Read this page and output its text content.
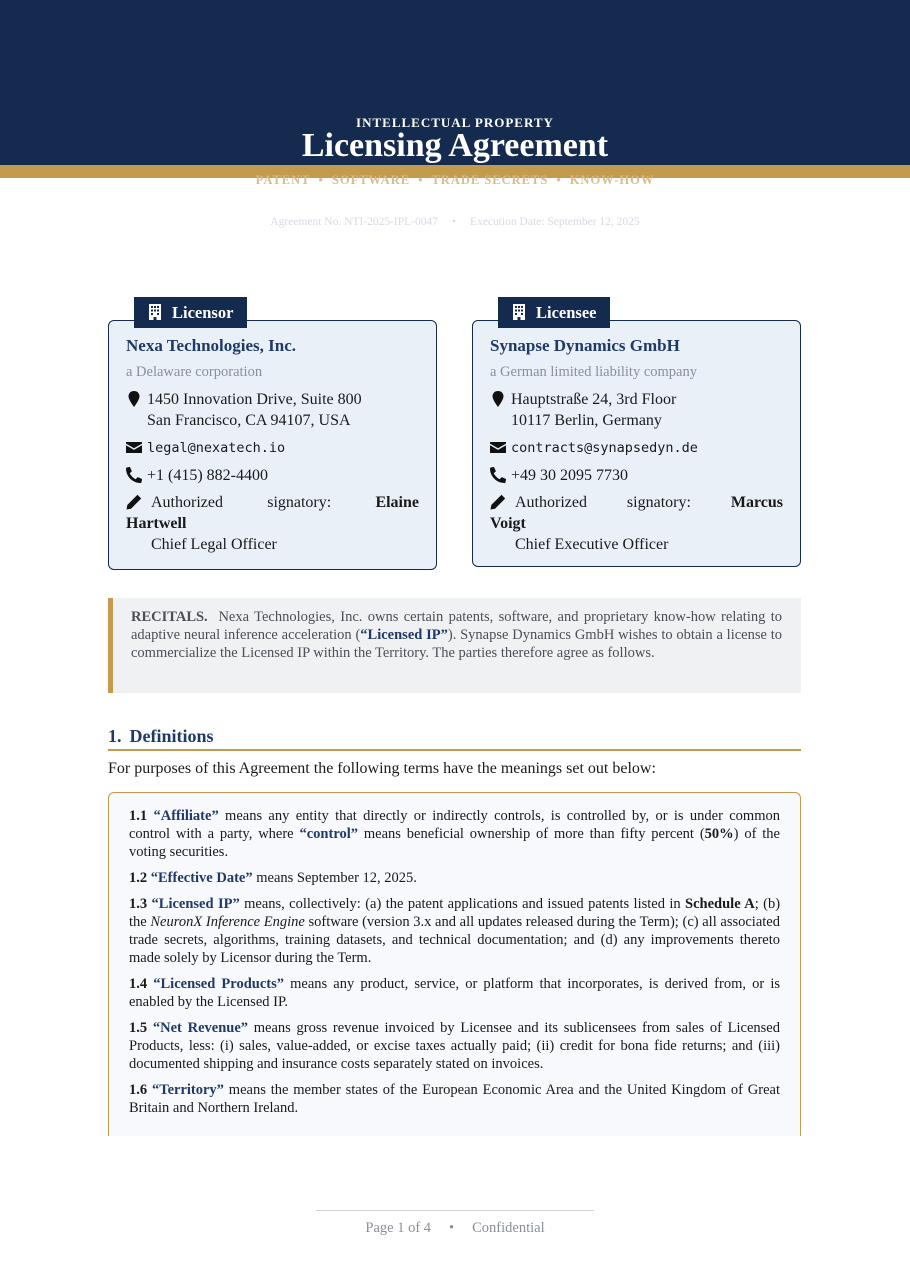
INTELLECTUAL PROPERTY
Licensing Agreement
PATENT • SOFTWARE • TRADE SECRETS • KNOW-HOW
Agreement No. NTI-2025-IPL-0047 • Execution Date: September 12, 2025
Nexa Technologies, Inc.
a Delaware corporation
1450 Innovation Drive, Suite 800
San Francisco, CA 94107, USA
legal@nexatech.io
+1 (415) 882-4400
Authorized signatory:	Elaine
Hartwell
Chief Legal Officer
Licensor
Synapse Dynamics GmbH
a German limited liability company
Hauptstraße 24, 3rd Floor
10117 Berlin, Germany
contracts@synapsedyn.de
+49 30 2095 7730
Authorized signatory: Marcus
Voigt
Chief Executive Officer
Licensee
RECITALS. Nexa Technologies, Inc. owns certain patents, software, and proprietary know-how relating to adaptive neural inference acceleration (“Licensed IP”). Synapse Dynamics GmbH wishes to obtain a license to commercialize the Licensed IP within the Territory. The parties therefore agree as follows.
1. Definitions
For purposes of this Agreement the following terms have the meanings set out below:
1.1 “Affiliate” means any entity that directly or indirectly controls, is controlled by, or is under common control with a party, where “control” means beneficial ownership of more than fifty percent (50%) of the voting securities.
1.2 “Effective Date” means September 12, 2025.
1.3 “Licensed IP” means, collectively: (a) the patent applications and issued patents listed in Schedule A; (b) the NeuronX Inference Engine software (version 3.x and all updates released during the Term); (c) all associated trade secrets, algorithms, training datasets, and technical documentation; and (d) any improvements thereto made solely by Licensor during the Term.
1.4 “Licensed Products” means any product, service, or platform that incorporates, is derived from, or is enabled by the Licensed IP.
1.5 “Net Revenue” means gross revenue invoiced by Licensee and its sublicensees from sales of Licensed Products, less: (i) sales, value-added, or excise taxes actually paid; (ii) credit for bona fide returns; and (iii) documented shipping and insurance costs separately stated on invoices.
1.6 “Territory” means the member states of the European Economic Area and the United Kingdom of Great Britain and Northern Ireland.
Page 1 of 4 • Confidential
